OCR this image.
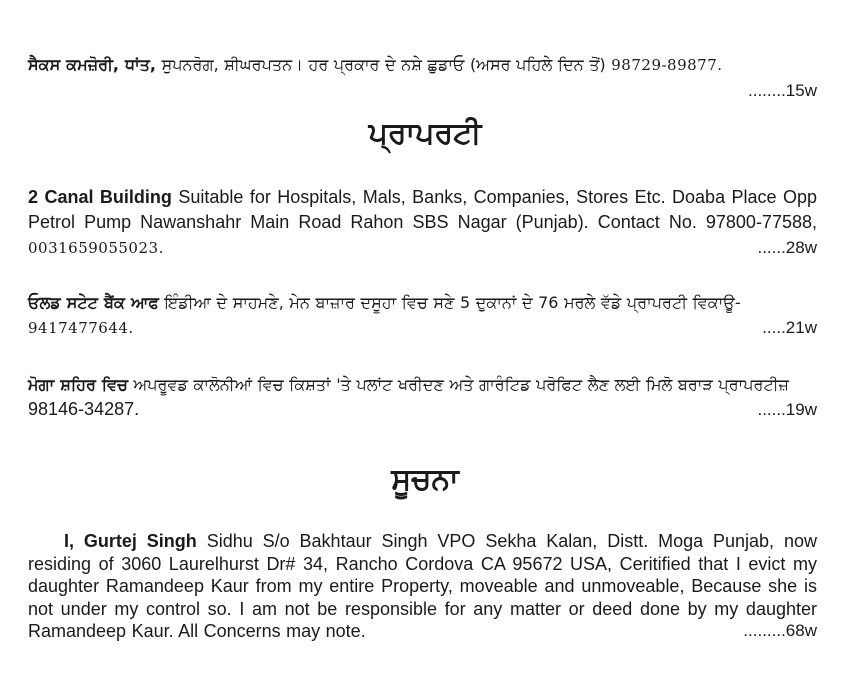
ਸੈਕਸ ਕਮਜ਼ੋਰੀ, ਧਾਂਤ, ਸੁਪਨਰੋਗ, ਸ਼ੀਘਰਪਤਨ। ਹਰ ਪ੍ਰਕਾਰ ਦੇ ਨਸ਼ੇ ਛੁਡਾਓ (ਅਸਰ ਪਹਿਲੇ ਦਿਨ ਤੋਂ) 98729-89877.

........15w
ਪ੍ਰਾਪਰਟੀ
2 Canal Building Suitable for Hospitals, Mals, Banks, Companies, Stores Etc. Doaba Place Opp Petrol Pump Nawanshahr Main Road Rahon SBS Nagar (Punjab). Contact No. 97800-77588, 0031659055023.	......28w
ਓਲਡ ਸਟੇਟ ਬੈਂਕ ਆਫ ਇੰਡੀਆ ਦੇ ਸਾਹਮਣੇ, ਮੇਨ ਬਾਜ਼ਾਰ ਦਸੂਹਾ ਵਿਚ ਸਣੇ 5 ਦੁਕਾਨਾਂ ਦੇ 76 ਮਰਲੇ ਵੱਡੇ ਪ੍ਰਾਪਰਟੀ ਵਿਕਾਊ-
9417477644.	.....21w
ਮੋਗਾ ਸ਼ਹਿਰ ਵਿਚ ਅਪਰੂਵਡ ਕਾਲੋਨੀਆਂ ਵਿਚ ਕਿਸ਼ਤਾਂ 'ਤੇ ਪਲਾਂਟ ਖਰੀਦਣ ਅਤੇ ਗਾਰੰਟਿਡ ਪਰੋਫਿਟ ਲੈਣ ਲਈ ਮਿਲੋ ਬਰਾੜ ਪ੍ਰਾਪਰਟੀਜ਼ 98146-34287.	......19w
ਸੂਚਨਾ
I, Gurtej Singh Sidhu S/o Bakhtaur Singh VPO Sekha Kalan, Distt. Moga Punjab, now residing of 3060 Laurelhurst Dr# 34, Rancho Cordova CA 95672 USA, Ceritified that I evict my daughter Ramandeep Kaur from my entire Property, moveable and unmoveable, Because she is not under my control so. I am not be responsible for any matter or deed done by my daughter Ramandeep Kaur. All Concerns may note.	.........68w
